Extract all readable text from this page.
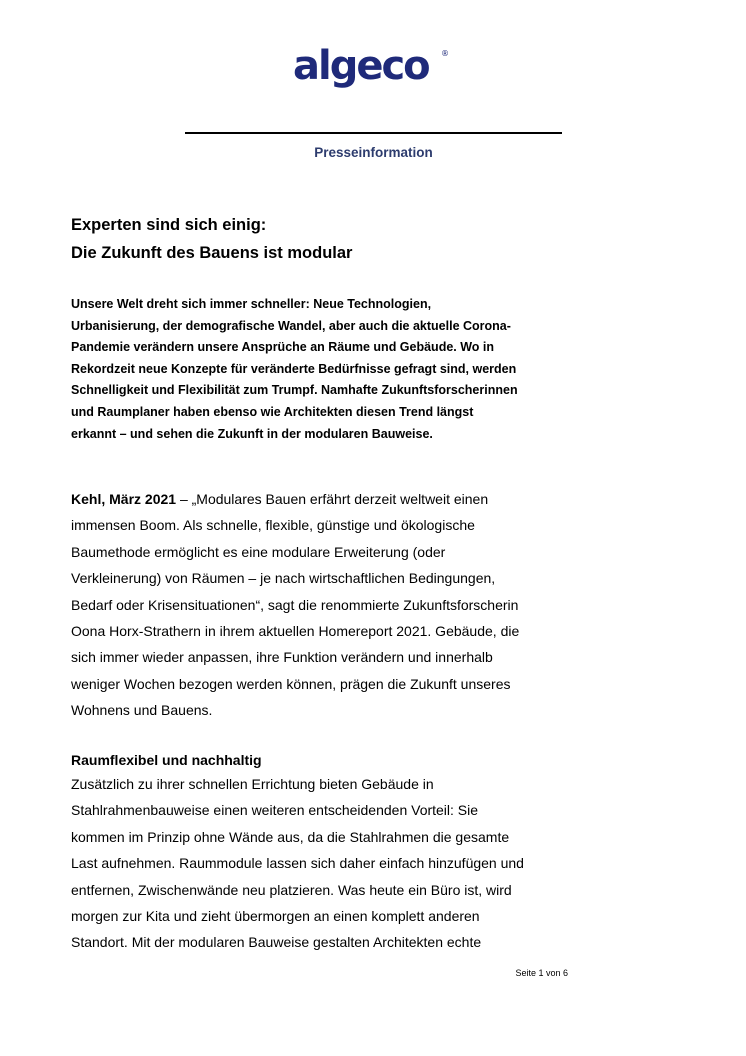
algeco ®
Presseinformation
Experten sind sich einig:
Die Zukunft des Bauens ist modular
Unsere Welt dreht sich immer schneller: Neue Technologien,
Urbanisierung, der demografische Wandel, aber auch die aktuelle Corona-
Pandemie verändern unsere Ansprüche an Räume und Gebäude. Wo in
Rekordzeit neue Konzepte für veränderte Bedürfnisse gefragt sind, werden
Schnelligkeit und Flexibilität zum Trumpf. Namhafte Zukunftsforscherinnen
und Raumplaner haben ebenso wie Architekten diesen Trend längst
erkannt – und sehen die Zukunft in der modularen Bauweise.
Kehl, März 2021 – „Modulares Bauen erfährt derzeit weltweit einen
immensen Boom. Als schnelle, flexible, günstige und ökologische
Baumethode ermöglicht es eine modulare Erweiterung (oder
Verkleinerung) von Räumen – je nach wirtschaftlichen Bedingungen,
Bedarf oder Krisensituationen“, sagt die renommierte Zukunftsforscherin
Oona Horx-Strathern in ihrem aktuellen Homereport 2021. Gebäude, die
sich immer wieder anpassen, ihre Funktion verändern und innerhalb
weniger Wochen bezogen werden können, prägen die Zukunft unseres
Wohnens und Bauens.
Raumflexibel und nachhaltig
Zusätzlich zu ihrer schnellen Errichtung bieten Gebäude in
Stahlrahmenbauweise einen weiteren entscheidenden Vorteil: Sie
kommen im Prinzip ohne Wände aus, da die Stahlrahmen die gesamte
Last aufnehmen. Raummodule lassen sich daher einfach hinzufügen und
entfernen, Zwischenwände neu platzieren. Was heute ein Büro ist, wird
morgen zur Kita und zieht übermorgen an einen komplett anderen
Standort. Mit der modularen Bauweise gestalten Architekten echte
Seite 1 von 6
